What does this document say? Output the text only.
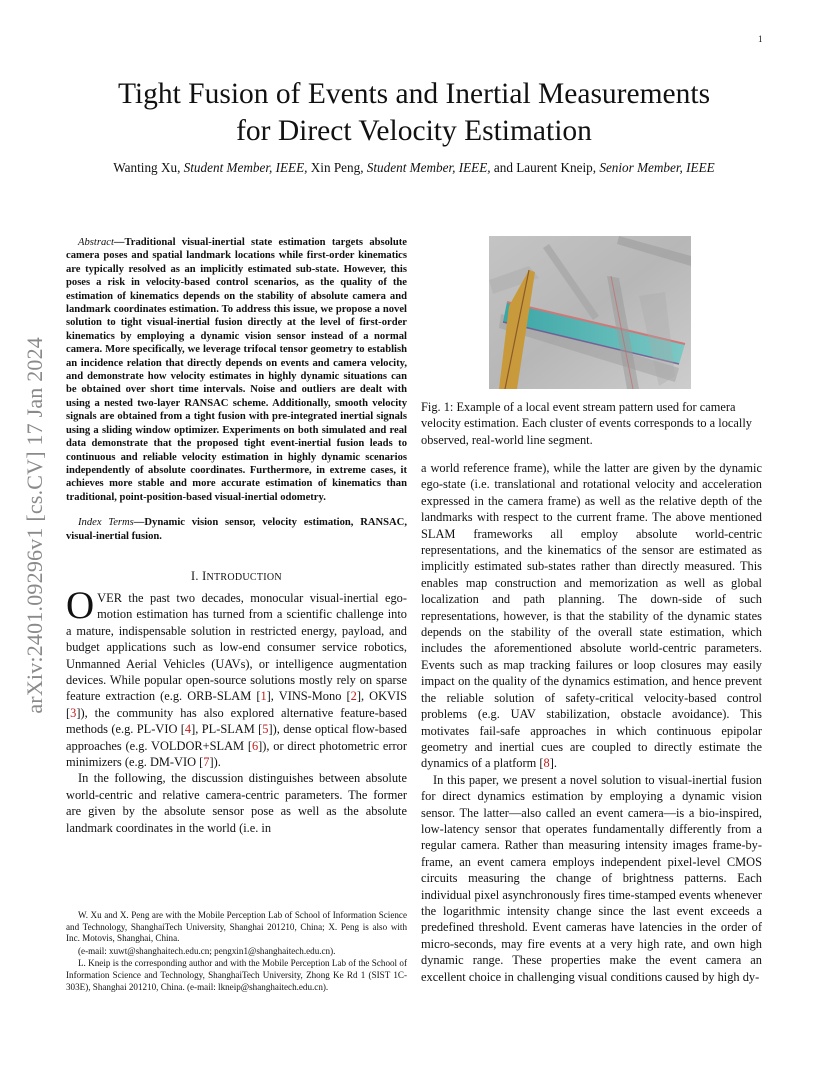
1
arXiv:2401.09296v1 [cs.CV] 17 Jan 2024
Tight Fusion of Events and Inertial Measurements
for Direct Velocity Estimation
Wanting Xu, Student Member, IEEE, Xin Peng, Student Member, IEEE, and Laurent Kneip, Senior Member, IEEE

Abstract—Traditional visual-inertial state estimation targets absolute camera poses and spatial landmark locations while first-order kinematics are typically resolved as an implicitly estimated sub-state. However, this poses a risk in velocity-based control scenarios, as the quality of the estimation of kinematics depends on the stability of absolute camera and landmark coordinates estimation. To address this issue, we propose a novel solution to tight visual-inertial fusion directly at the level of first-order kinematics by employing a dynamic vision sensor instead of a normal camera. More specifically, we leverage trifocal tensor geometry to establish an incidence relation that directly depends on events and camera velocity, and demonstrate how velocity estimates in highly dynamic situations can be obtained over short time intervals. Noise and outliers are dealt with using a nested two-layer RANSAC scheme. Additionally, smooth velocity signals are obtained from a tight fusion with pre-integrated inertial signals using a sliding window optimizer. Experiments on both simulated and real data demonstrate that the proposed tight event-inertial fusion leads to continuous and reliable velocity estimation in highly dynamic scenarios independently of absolute coordinates. Furthermore, in extreme cases, it achieves more stable and more accurate estimation of kinematics than traditional, point-position-based visual-inertial odometry.

Index Terms—Dynamic vision sensor, velocity estimation, RANSAC, visual-inertial fusion.

I. INTRODUCTION

OVER the past two decades, monocular visual-inertial ego-motion estimation has turned from a scientific challenge into a mature, indispensable solution in restricted energy, payload, and budget applications such as low-end consumer service robotics, Unmanned Aerial Vehicles (UAVs), or intelligence augmentation devices. While popular open-source solutions mostly rely on sparse feature extraction (e.g. ORB-SLAM [1], VINS-Mono [2], OKVIS [3]), the community has also explored alternative feature-based methods (e.g. PL-VIO [4], PL-SLAM [5]), dense optical flow-based approaches (e.g. VOLDOR+SLAM [6]), or direct photometric error minimizers (e.g. DM-VIO [7]).

In the following, the discussion distinguishes between absolute world-centric and relative camera-centric parameters. The former are given by the absolute sensor pose as well as the absolute landmark coordinates in the world (i.e. in

W. Xu and X. Peng are with the Mobile Perception Lab of School of Information Science and Technology, ShanghaiTech University, Shanghai 201210, China; X. Peng is also with Inc. Motovis, Shanghai, China.

(e-mail: xuwt@shanghaitech.edu.cn; pengxin1@shanghaitech.edu.cn).

L. Kneip is the corresponding author and with the Mobile Perception Lab of the School of Information Science and Technology, ShanghaiTech University, Zhong Ke Rd 1 (SIST 1C-303E), Shanghai 201210, China. (e-mail: lkneip@shanghaitech.edu.cn).

Fig. 1: Example of a local event stream pattern used for camera velocity estimation. Each cluster of events corresponds to a locally observed, real-world line segment.

a world reference frame), while the latter are given by the dynamic ego-state (i.e. translational and rotational velocity and acceleration expressed in the camera frame) as well as the relative depth of the landmarks with respect to the current frame. The above mentioned SLAM frameworks all employ absolute world-centric representations, and the kinematics of the sensor are estimated as implicitly estimated sub-states rather than directly measured. This enables map construction and memorization as well as global localization and path planning. The down-side of such representations, however, is that the stability of the dynamic states depends on the stability of the overall state estimation, which includes the aforementioned absolute world-centric parameters. Events such as map tracking failures or loop closures may easily impact on the quality of the dynamics estimation, and hence prevent the reliable solution of safety-critical velocity-based control problems (e.g. UAV stabilization, obstacle avoidance). This motivates fail-safe approaches in which continuous epipolar geometry and inertial cues are coupled to directly estimate the dynamics of a platform [8].

In this paper, we present a novel solution to visual-inertial fusion for direct dynamics estimation by employing a dynamic vision sensor. The latter—also called an event camera—is a bio-inspired, low-latency sensor that operates fundamentally differently from a regular camera. Rather than measuring intensity images frame-by-frame, an event camera employs independent pixel-level CMOS circuits measuring the change of brightness patterns. Each individual pixel asynchronously fires time-stamped events whenever the logarithmic intensity change since the last event exceeds a predefined threshold. Event cameras have latencies in the order of micro-seconds, may fire events at a very high rate, and own high dynamic range. These properties make the event camera an excellent choice in challenging visual conditions caused by high dy-
